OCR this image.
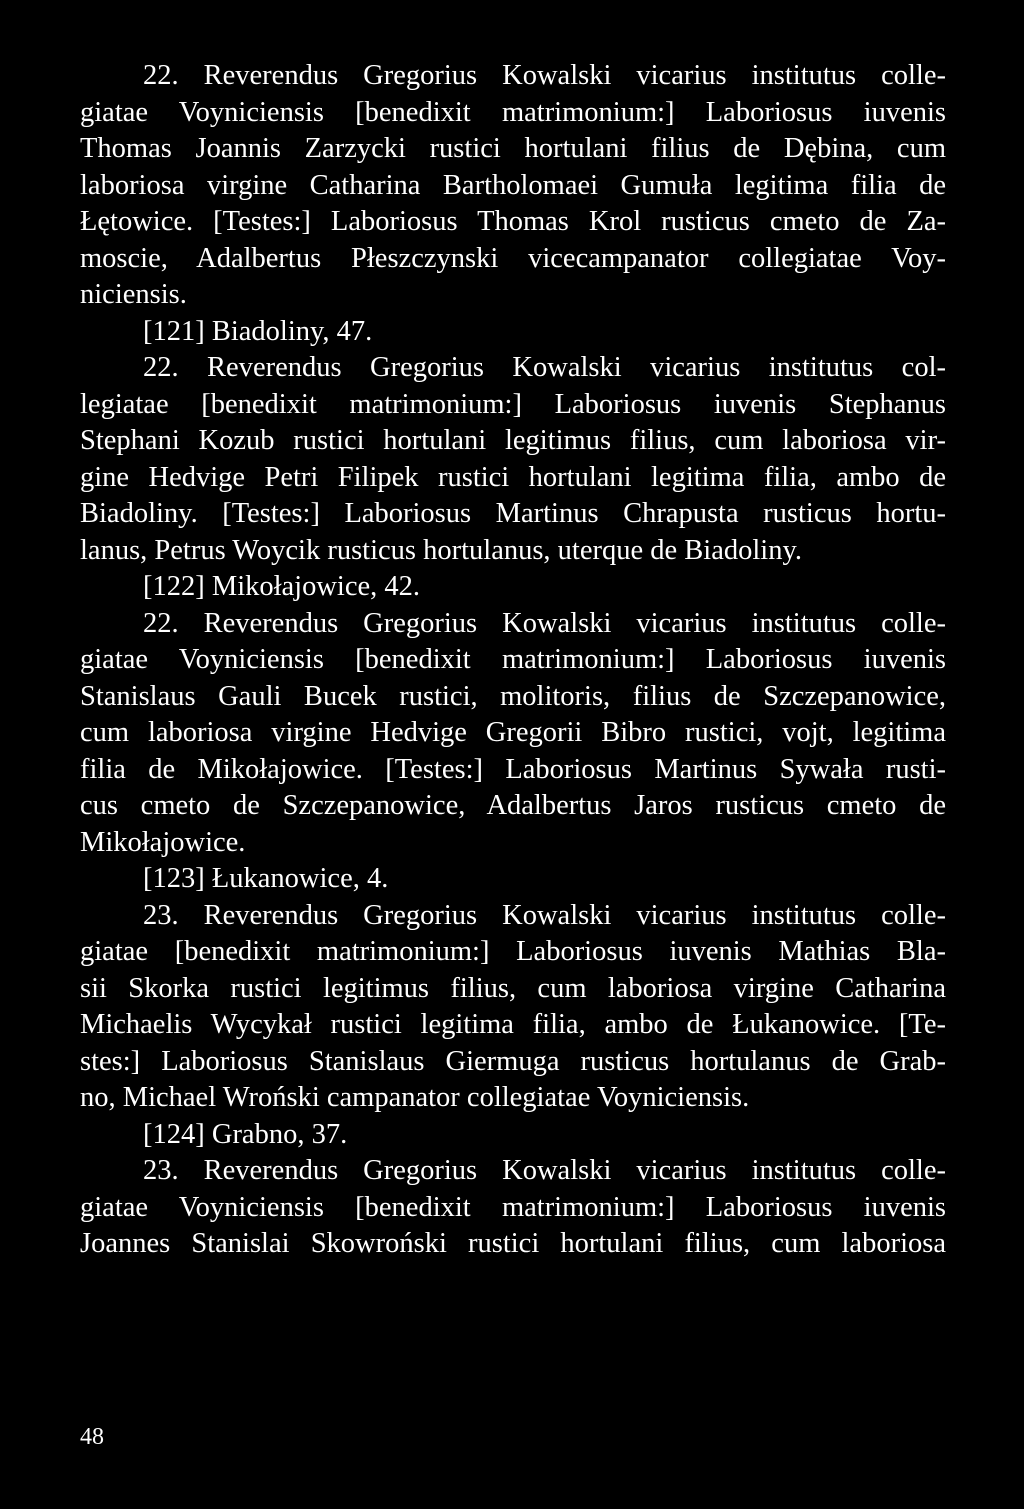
22. Reverendus Gregorius Kowalski vicarius institutus colle-
giatae Voyniciensis [benedixit matrimonium:] Laboriosus iuvenis
Thomas Joannis Zarzycki rustici hortulani filius de Dębina, cum
laboriosa virgine Catharina Bartholomaei Gumuła legitima filia de
Łętowice. [Testes:] Laboriosus Thomas Krol rusticus cmeto de Za-
moscie, Adalbertus Płeszczynski vicecampanator collegiatae Voy-
niciensis.
[121] Biadoliny, 47.
22. Reverendus Gregorius Kowalski vicarius institutus col-
legiatae [benedixit matrimonium:] Laboriosus iuvenis Stephanus
Stephani Kozub rustici hortulani legitimus filius, cum laboriosa vir-
gine Hedvige Petri Filipek rustici hortulani legitima filia, ambo de
Biadoliny. [Testes:] Laboriosus Martinus Chrapusta rusticus hortu-
lanus, Petrus Woycik rusticus hortulanus, uterque de Biadoliny.
[122] Mikołajowice, 42.
22. Reverendus Gregorius Kowalski vicarius institutus colle-
giatae Voyniciensis [benedixit matrimonium:] Laboriosus iuvenis
Stanislaus Gauli Bucek rustici, molitoris, filius de Szczepanowice,
cum laboriosa virgine Hedvige Gregorii Bibro rustici, vojt, legitima
filia de Mikołajowice. [Testes:] Laboriosus Martinus Sywała rusti-
cus cmeto de Szczepanowice, Adalbertus Jaros rusticus cmeto de
Mikołajowice.
[123] Łukanowice, 4.
23. Reverendus Gregorius Kowalski vicarius institutus colle-
giatae [benedixit matrimonium:] Laboriosus iuvenis Mathias Bla-
sii Skorka rustici legitimus filius, cum laboriosa virgine Catharina
Michaelis Wycykał rustici legitima filia, ambo de Łukanowice. [Te-
stes:] Laboriosus Stanislaus Giermuga rusticus hortulanus de Grab-
no, Michael Wroński campanator collegiatae Voyniciensis.
[124] Grabno, 37.
23. Reverendus Gregorius Kowalski vicarius institutus colle-
giatae Voyniciensis [benedixit matrimonium:] Laboriosus iuvenis
Joannes Stanislai Skowroński rustici hortulani filius, cum laboriosa
48
